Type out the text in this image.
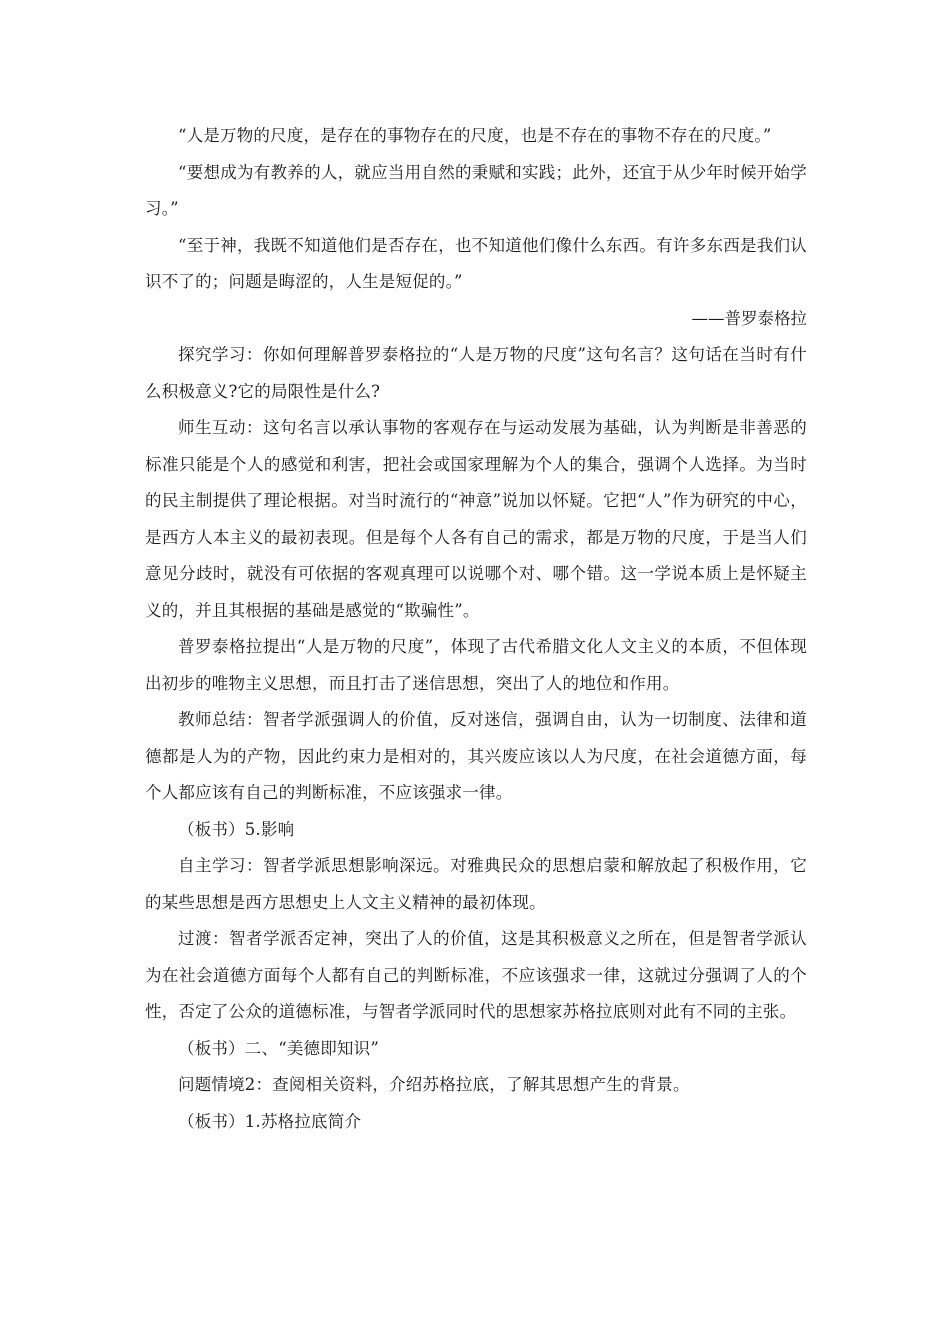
“人是万物的尺度，是存在的事物存在的尺度，也是不存在的事物不存在的尺度。”

“要想成为有教养的人，就应当用自然的秉赋和实践；此外，还宜于从少年时候开始学习。”

“至于神，我既不知道他们是否存在，也不知道他们像什么东西。有许多东西是我们认识不了的；问题是晦涩的，人生是短促的。”

——普罗泰格拉

探究学习：你如何理解普罗泰格拉的“人是万物的尺度”这句名言？这句话在当时有什么积极意义?它的局限性是什么?

师生互动：这句名言以承认事物的客观存在与运动发展为基础，认为判断是非善恶的标准只能是个人的感觉和利害，把社会或国家理解为个人的集合，强调个人选择。为当时的民主制提供了理论根据。对当时流行的“神意”说加以怀疑。它把“人”作为研究的中心，是西方人本主义的最初表现。但是每个人各有自己的需求，都是万物的尺度，于是当人们意见分歧时，就没有可依据的客观真理可以说哪个对、哪个错。这一学说本质上是怀疑主义的，并且其根据的基础是感觉的“欺骗性”。

普罗泰格拉提出“人是万物的尺度”，体现了古代希腊文化人文主义的本质，不但体现出初步的唯物主义思想，而且打击了迷信思想，突出了人的地位和作用。

教师总结：智者学派强调人的价值，反对迷信，强调自由，认为一切制度、法律和道德都是人为的产物，因此约束力是相对的，其兴废应该以人为尺度，在社会道德方面，每个人都应该有自己的判断标准，不应该强求一律。

（板书）5.影响

自主学习：智者学派思想影响深远。对雅典民众的思想启蒙和解放起了积极作用，它的某些思想是西方思想史上人文主义精神的最初体现。

过渡：智者学派否定神，突出了人的价值，这是其积极意义之所在，但是智者学派认为在社会道德方面每个人都有自己的判断标准，不应该强求一律，这就过分强调了人的个性，否定了公众的道德标准，与智者学派同时代的思想家苏格拉底则对此有不同的主张。

（板书）二、“美德即知识”

问题情境2：查阅相关资料，介绍苏格拉底，了解其思想产生的背景。

（板书）1.苏格拉底简介
